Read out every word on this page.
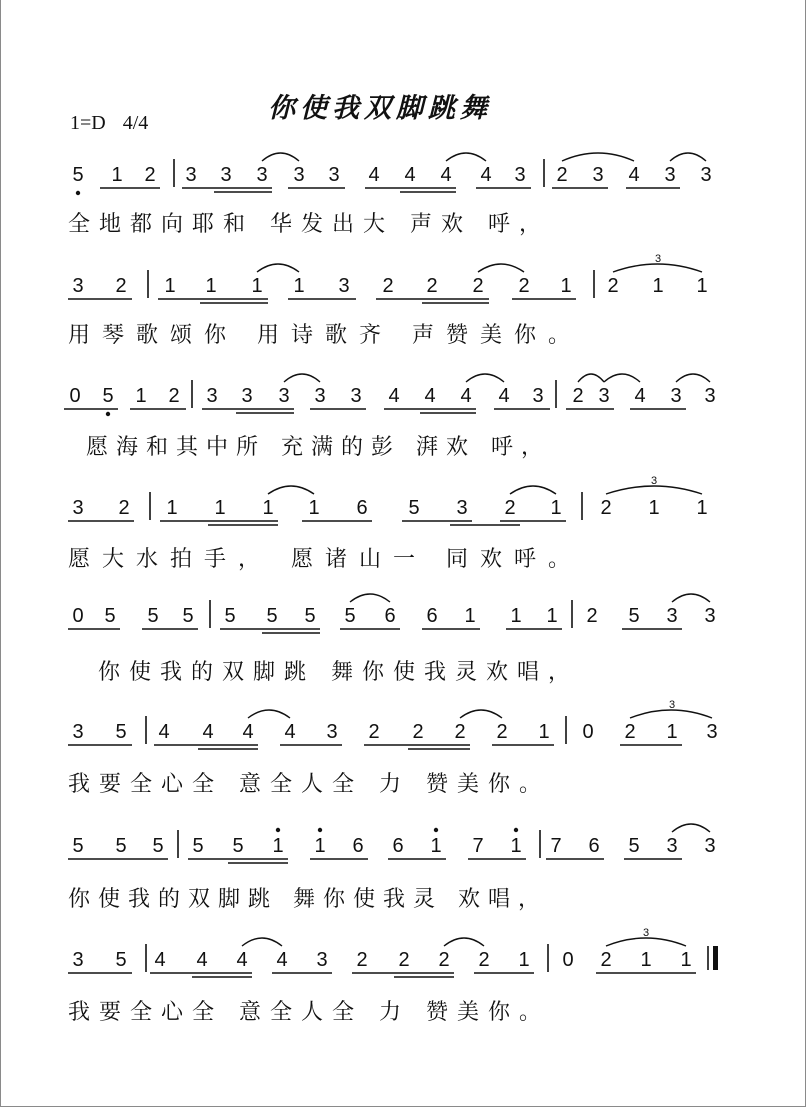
你使我双脚跳舞
1=D 4/4
5 1 2 3 3 3 3 3 4 4 4 4 3 2 3 4 3 3
3 2 1 1 1 1 3 2 2 2 2 1 2 1 1
3
0 5 1 2 3 3 3 3 3 4 4 4 4 3 2 3 4 3 3
3 2 1 1 1 1 6 5 3 2 1 2 1 1
3
0 5 5 5 5 5 5 5 6 6 1 1 1 2 5 3 3
3 5 4 4 4 4 3 2 2 2 2 1 0 2 1 3
3
5 5 5 5 5 1 1 6 6 1 7 1 7 6 5 3 3
3 5 4 4 4 4 3 2 2 2 2 1 0 2 1 1
3
全地都向耶和 华发出大 声欢 呼，
用琴歌颂你 用诗歌齐 声赞美你。
愿海和其中所 充满的彭 湃欢 呼，
愿大水拍手， 愿诸山一 同欢呼。
你使我的双脚跳 舞你使我灵欢唱，
我要全心全 意全人全 力 赞美你。
你使我的双脚跳 舞你使我灵 欢唱，
我要全心全 意全人全 力 赞美你。
